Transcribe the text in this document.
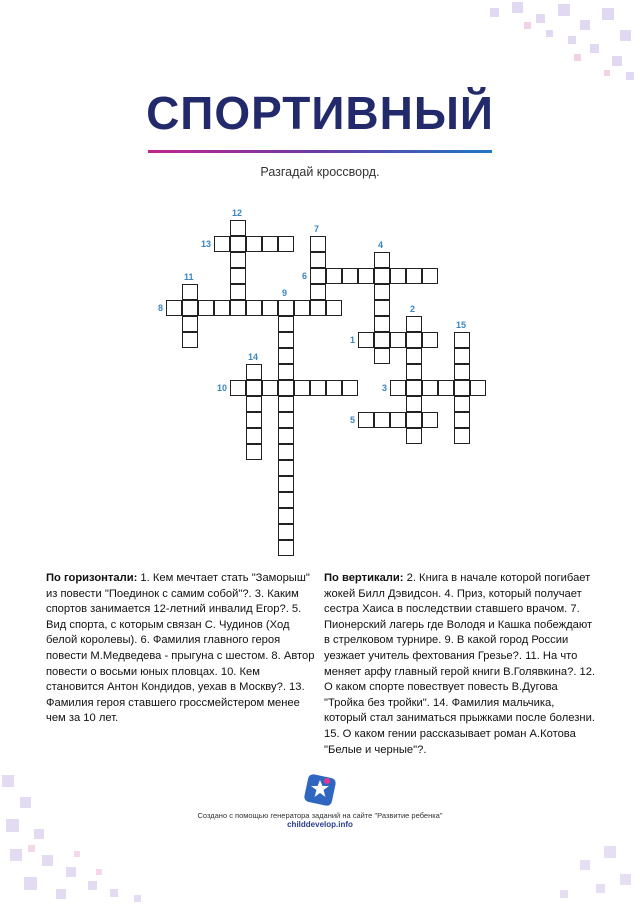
СПОРТИВНЫЙ
Разгадай кроссворд.
1
2
3
4
5
6
7
8
9
10
11
12
13
14
15
По горизонтали: 1. Кем мечтает стать "Заморыш" из повести "Поединок с самим собой"?. 3. Каким спортов занимается 12-летний инвалид Егор?. 5. Вид спорта, с которым связан С. Чудинов (Ход белой королевы). 6. Фамилия главного героя повести М.Медведева - прыгуна с шестом. 8. Автор повести о восьми юных пловцах. 10. Кем становится Антон Кондидов, уехав в Москву?. 13. Фамилия героя ставшего гроссмейстером менее чем за 10 лет.
По вертикали: 2. Книга в начале которой погибает жокей Билл Дэвидсон. 4. Приз, который получает сестра Хаиса в последствии ставшего врачом. 7. Пионерский лагерь где Володя и Кашка побеждают в стрелковом турнире. 9. В какой город России уезжает учитель фехтования Грезье?. 11. На что меняет арфу главный герой книги В.Голявкина?. 12. О каком спорте повествует повесть В.Дугова "Тройка без тройки". 14. Фамилия мальчика, который стал заниматься прыжками после болезни. 15. О каком гении рассказывает роман А.Котова "Белые и черные"?.
Создано с помощью генератора заданий на сайте "Развитие ребенка"
childdevelop.info
